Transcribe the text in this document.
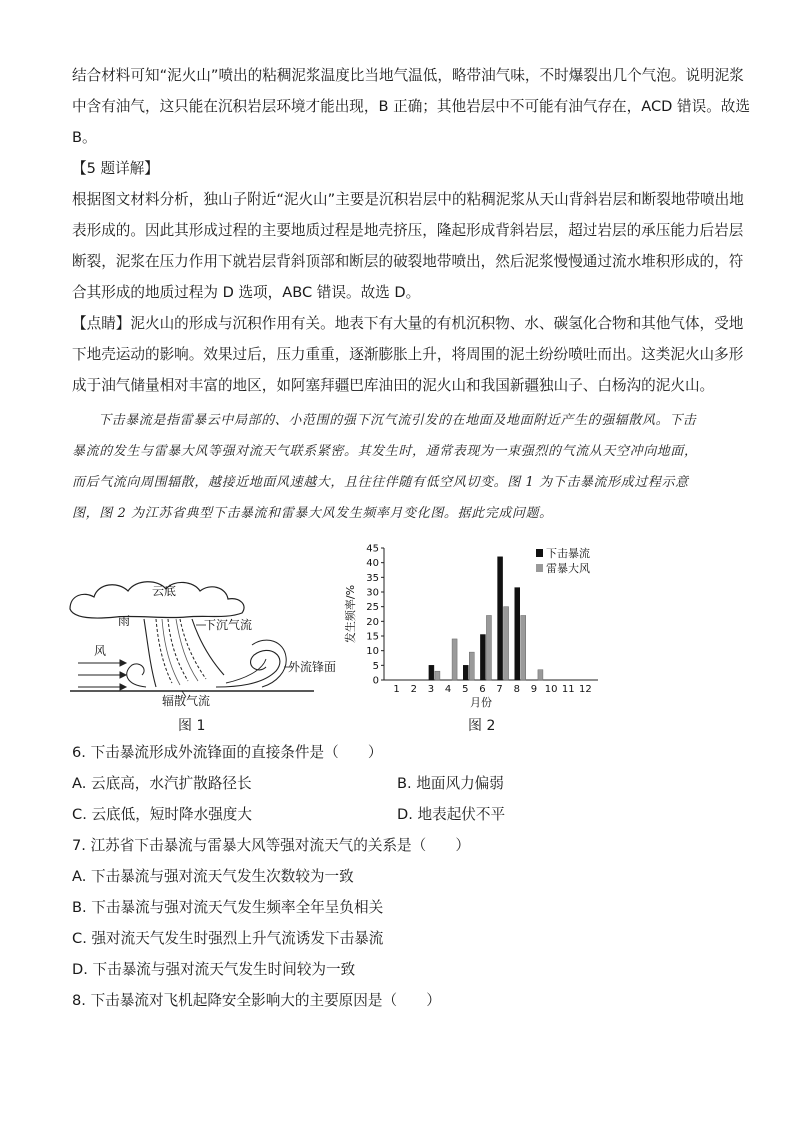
结合材料可知“泥火山”喷出的粘稠泥浆温度比当地气温低，略带油气味，不时爆裂出几个气泡。说明泥浆
中含有油气，这只能在沉积岩层环境才能出现，B 正确；其他岩层中不可能有油气存在，ACD 错误。故选
B。
【5 题详解】
根据图文材料分析，独山子附近“泥火山”主要是沉积岩层中的粘稠泥浆从天山背斜岩层和断裂地带喷出地
表形成的。因此其形成过程的主要地质过程是地壳挤压，隆起形成背斜岩层，超过岩层的承压能力后岩层
断裂，泥浆在压力作用下就岩层背斜顶部和断层的破裂地带喷出，然后泥浆慢慢通过流水堆积形成的，符
合其形成的地质过程为 D 选项，ABC 错误。故选 D。
【点睛】泥火山的形成与沉积作用有关。地表下有大量的有机沉积物、水、碳氢化合物和其他气体，受地
下地壳运动的影响。效果过后，压力重重，逐渐膨胀上升，将周围的泥土纷纷喷吐而出。这类泥火山多形
成于油气储量相对丰富的地区，如阿塞拜疆巴库油田的泥火山和我国新疆独山子、白杨沟的泥火山。

下击暴流是指雷暴云中局部的、小范围的强下沉气流引发的在地面及地面附近产生的强辐散风。下击

暴流的发生与雷暴大风等强对流天气联系紧密。其发生时，通常表现为一束强烈的气流从天空冲向地面，

而后气流向周围辐散，越接近地面风速越大，且往往伴随有低空风切变。图 1 为下击暴流形成过程示意

图，图 2 为江苏省典型下击暴流和雷暴大风发生频率月变化图。据此完成问题。

云底
雨	下沉气流
风
外流锋面
辐散气流
图 1
0
5
10
15
20
25
30
35
40
45
发生频率/%
1 2 3 4 5 6 7 8 9 10 11 12
月份
下击暴流
雷暴大风
图 2
6. 下击暴流形成外流锋面的直接条件是（　　）
A. 云底高，水汽扩散路径长	B. 地面风力偏弱
C. 云底低，短时降水强度大	D. 地表起伏不平
7. 江苏省下击暴流与雷暴大风等强对流天气的关系是（　　）
A. 下击暴流与强对流天气发生次数较为一致
B. 下击暴流与强对流天气发生频率全年呈负相关
C. 强对流天气发生时强烈上升气流诱发下击暴流
D. 下击暴流与强对流天气发生时间较为一致
8. 下击暴流对飞机起降安全影响大的主要原因是（　　）
